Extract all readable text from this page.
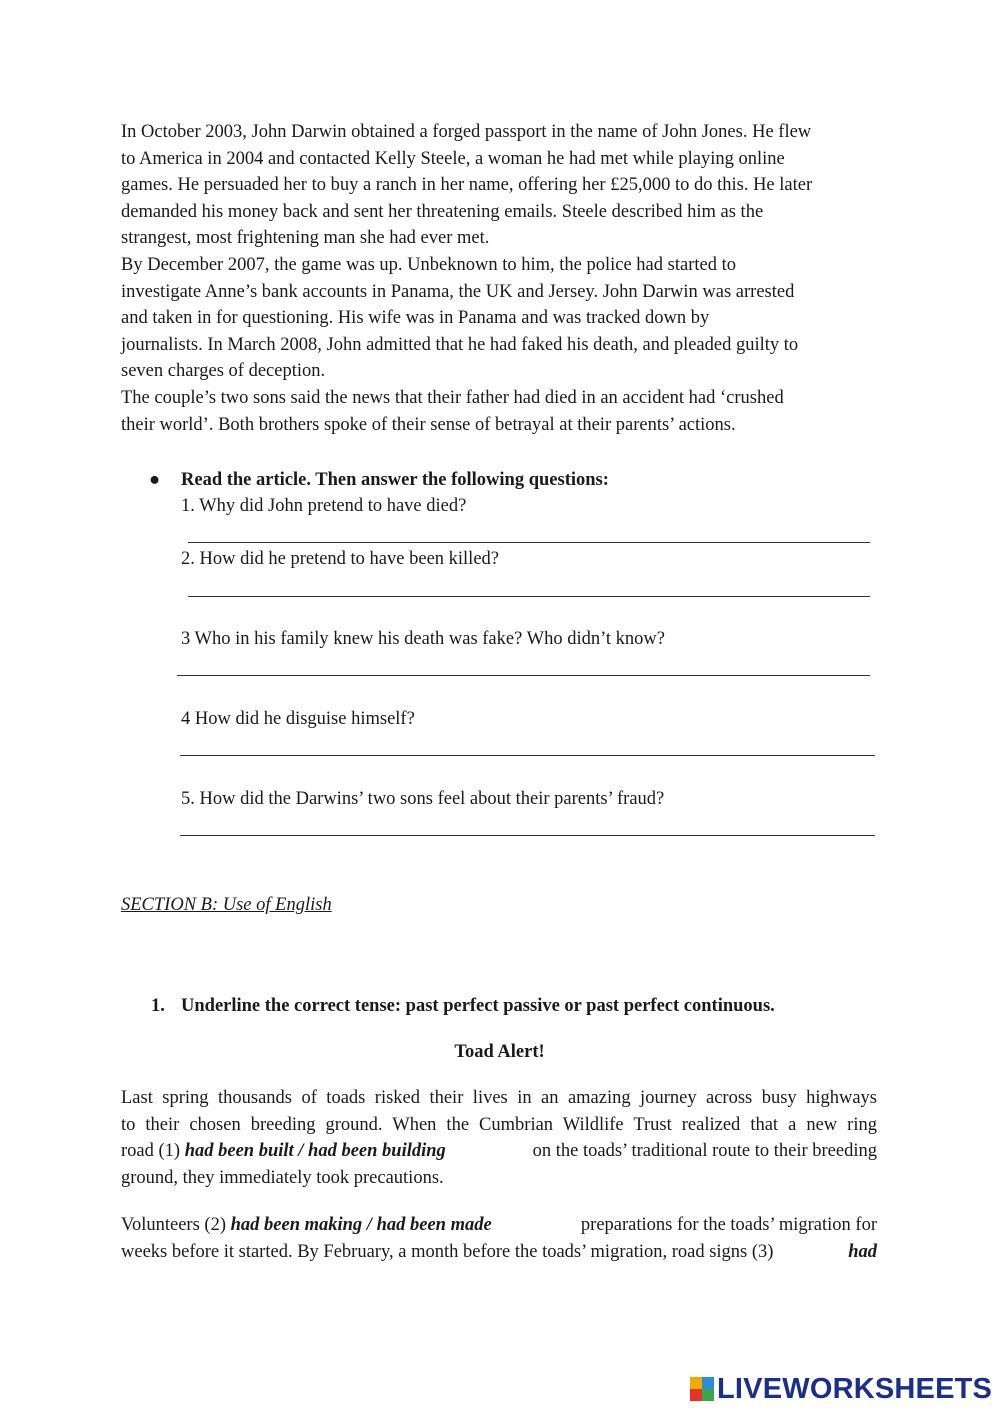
In October 2003, John Darwin obtained a forged passport in the name of John Jones. He flew
to America in 2004 and contacted Kelly Steele, a woman he had met while playing online
games. He persuaded her to buy a ranch in her name, offering her £25,000 to do this. He later
demanded his money back and sent her threatening emails. Steele described him as the
strangest, most frightening man she had ever met.
By December 2007, the game was up. Unbeknown to him, the police had started to
investigate Anne’s bank accounts in Panama, the UK and Jersey. John Darwin was arrested
and taken in for questioning. His wife was in Panama and was tracked down by
journalists. In March 2008, John admitted that he had faked his death, and pleaded guilty to
seven charges of deception.
The couple’s two sons said the news that their father had died in an accident had ‘crushed
their world’. Both brothers spoke of their sense of betrayal at their parents’ actions.
● Read the article. Then answer the following questions:
1. Why did John pretend to have died?
2. How did he pretend to have been killed?
3 Who in his family knew his death was fake? Who didn’t know?
4 How did he disguise himself?
5. How did the Darwins’ two sons feel about their parents’ fraud?
SECTION B: Use of English
1. Underline the correct tense: past perfect passive or past perfect continuous.
Toad Alert!
Last spring thousands of toads risked their lives in an amazing journey across busy highways
to their chosen breeding ground. When the Cumbrian Wildlife Trust realized that a new ring
road (1) had been built / had been building	on the toads’ traditional route to their breeding
ground, they immediately took precautions.
Volunteers (2) had been making / had been made	preparations for the toads’ migration for
weeks before it started. By February, a month before the toads’ migration, road signs (3)	had
LIVEWORKSHEETS
